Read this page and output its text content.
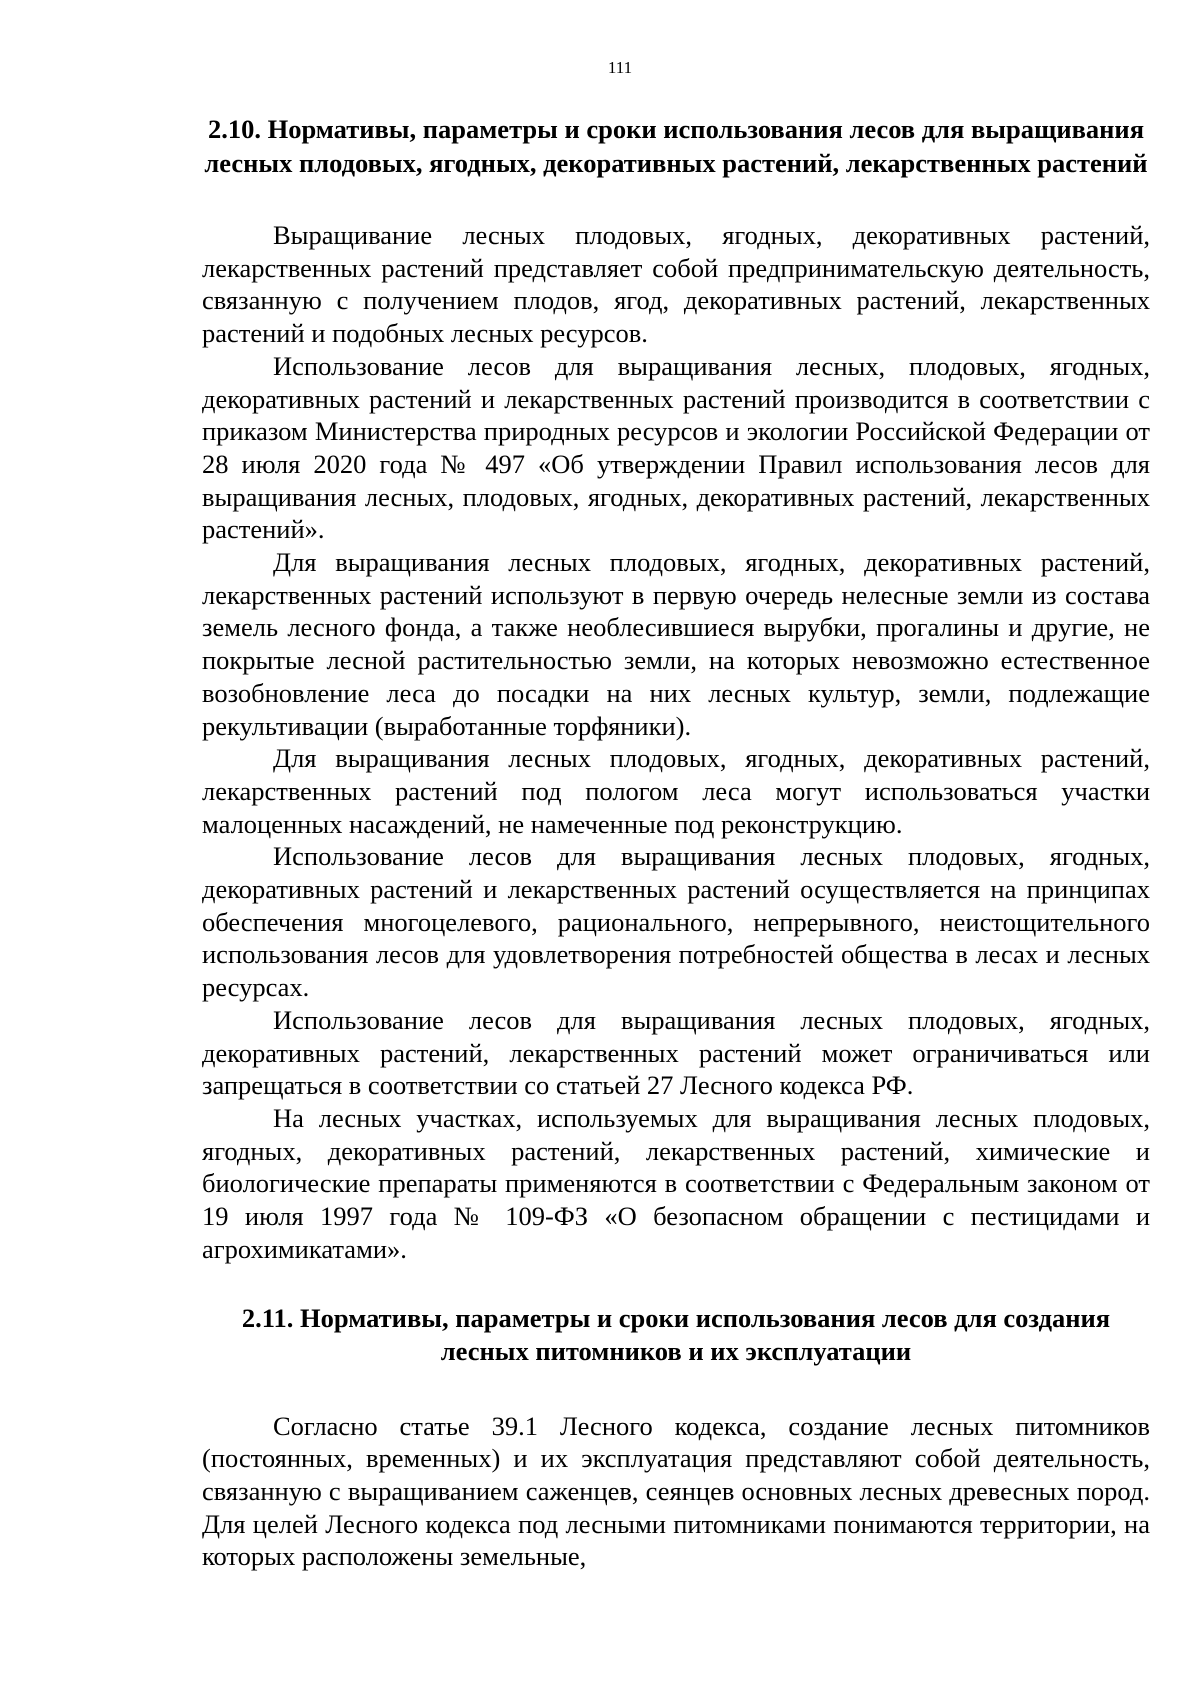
111
2.10. Нормативы, параметры и сроки использования лесов для выращивания лесных плодовых, ягодных, декоративных растений, лекарственных растений

Выращивание лесных плодовых, ягодных, декоративных растений, лекарственных растений представляет собой предпринимательскую деятельность, связанную с получением плодов, ягод, декоративных растений, лекарственных растений и подобных лесных ресурсов.

Использование лесов для выращивания лесных, плодовых, ягодных, декоративных растений и лекарственных растений производится в соответствии с приказом Министерства природных ресурсов и экологии Российской Федерации от 28 июля 2020 года № 497 «Об утверждении Правил использования лесов для выращивания лесных, плодовых, ягодных, декоративных растений, лекарственных растений».

Для выращивания лесных плодовых, ягодных, декоративных растений, лекарственных растений используют в первую очередь нелесные земли из состава земель лесного фонда, а также необлесившиеся вырубки, прогалины и другие, не покрытые лесной растительностью земли, на которых невозможно естественное возобновление леса до посадки на них лесных культур, земли, подлежащие рекультивации (выработанные торфяники).

Для выращивания лесных плодовых, ягодных, декоративных растений, лекарственных растений под пологом леса могут использоваться участки малоценных насаждений, не намеченные под реконструкцию.

Использование лесов для выращивания лесных плодовых, ягодных, декоративных растений и лекарственных растений осуществляется на принципах обеспечения многоцелевого, рационального, непрерывного, неистощительного использования лесов для удовлетворения потребностей общества в лесах и лесных ресурсах.

Использование лесов для выращивания лесных плодовых, ягодных, декоративных растений, лекарственных растений может ограничиваться или запрещаться в соответствии со статьей 27 Лесного кодекса РФ.

На лесных участках, используемых для выращивания лесных плодовых, ягодных, декоративных растений, лекарственных растений, химические и биологические препараты применяются в соответствии с Федеральным законом от 19 июля 1997 года № 109-ФЗ «О безопасном обращении с пестицидами и агрохимикатами».

2.11. Нормативы, параметры и сроки использования лесов для создания лесных питомников и их эксплуатации

Согласно статье 39.1 Лесного кодекса, создание лесных питомников (постоянных, временных) и их эксплуатация представляют собой деятельность, связанную с выращиванием саженцев, сеянцев основных лесных древесных пород. Для целей Лесного кодекса под лесными питомниками понимаются территории, на которых расположены земельные,
